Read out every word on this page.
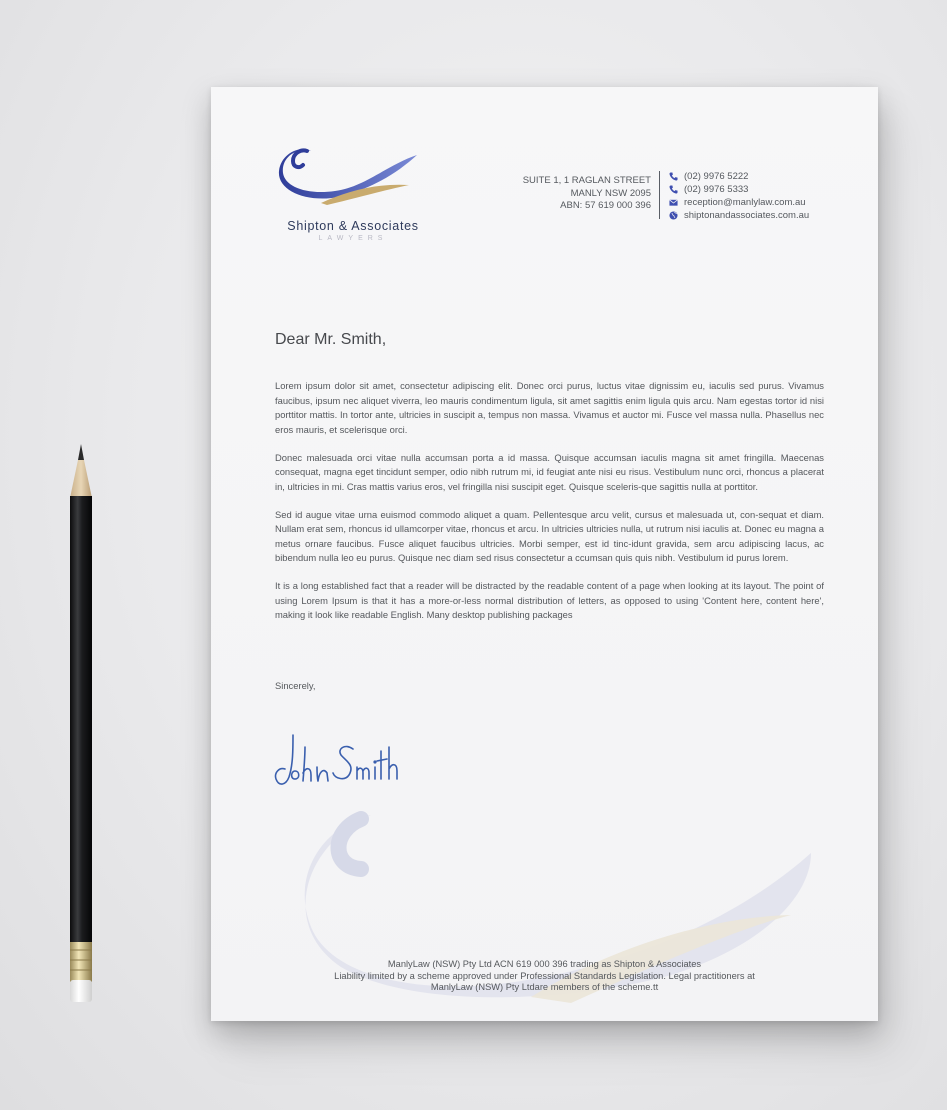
Shipton & Associates
LAWYERS
SUITE 1, 1 RAGLAN STREET
MANLY NSW 2095
ABN: 57 619 000 396
(02) 9976 5222
(02) 9976 5333
reception@manlylaw.com.au
shiptonandassociates.com.au
Dear Mr. Smith,

Lorem ipsum dolor sit amet, consectetur adipiscing elit. Donec orci purus, luctus vitae dignissim eu, iaculis sed purus. Vivamus faucibus, ipsum nec aliquet viverra, leo mauris condimentum ligula, sit amet sagittis enim ligula quis arcu. Nam egestas tortor id nisi porttitor mattis. In tortor ante, ultricies in suscipit a, tempus non massa. Vivamus et auctor mi. Fusce vel massa nulla. Phasellus nec eros mauris, et scelerisque orci.

Donec malesuada orci vitae nulla accumsan porta a id massa. Quisque accumsan iaculis magna sit amet fringilla. Maecenas consequat, magna eget tincidunt semper, odio nibh rutrum mi, id feugiat ante nisi eu risus. Vestibulum nunc orci, rhoncus a placerat in, ultricies in mi. Cras mattis varius eros, vel fringilla nisi suscipit eget. Quisque sceleris-que sagittis nulla at porttitor.

Sed id augue vitae urna euismod commodo aliquet a quam. Pellentesque arcu velit, cursus et malesuada ut, con-sequat et diam. Nullam erat sem, rhoncus id ullamcorper vitae, rhoncus et arcu. In ultricies ultricies nulla, ut rutrum nisi iaculis at. Donec eu magna a metus ornare faucibus. Fusce aliquet faucibus ultricies. Morbi semper, est id tinc-idunt gravida, sem arcu adipiscing lacus, ac bibendum nulla leo eu purus. Quisque nec diam sed risus consectetur a ccumsan quis quis nibh. Vestibulum id purus lorem.

It is a long established fact that a reader will be distracted by the readable content of a page when looking at its layout. The point of using Lorem Ipsum is that it has a more-or-less normal distribution of letters, as opposed to using 'Content here, content here', making it look like readable English. Many desktop publishing packages

Sincerely,
ManlyLaw (NSW) Pty Ltd ACN 619 000 396 trading as Shipton & Associates
Liability limited by a scheme approved under Professional Standards Legislation. Legal practitioners at
ManlyLaw (NSW) Pty Ltdare members of the scheme.tt
